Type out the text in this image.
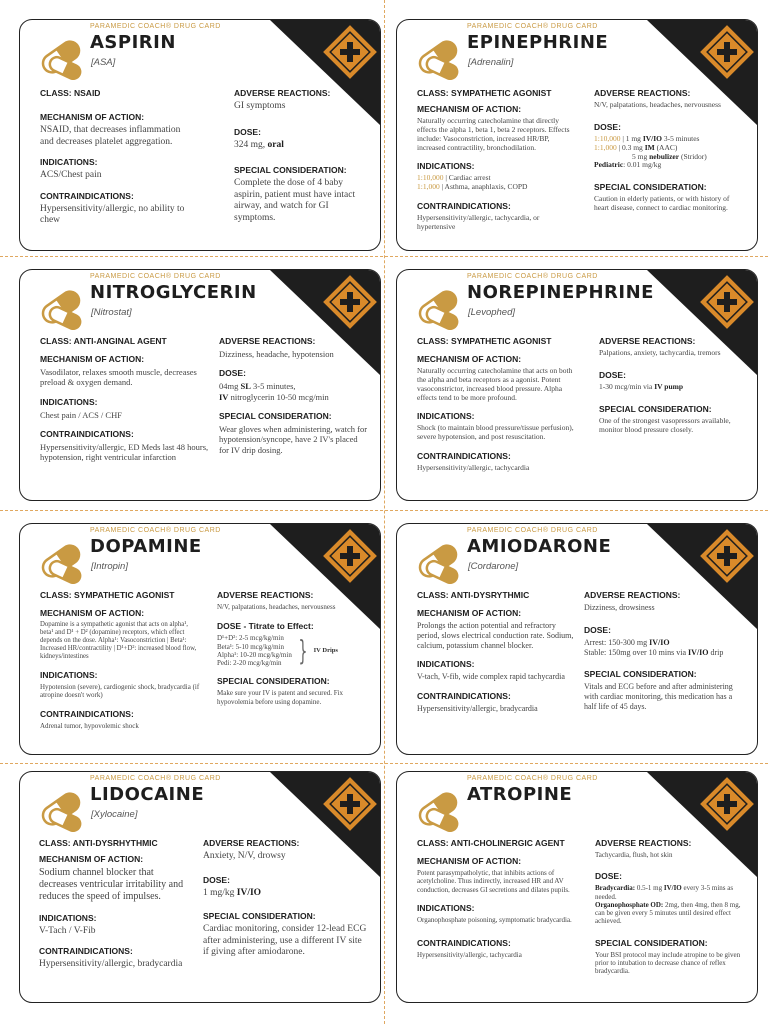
PARAMEDIC COACH® DRUG CARD
ASPIRIN
[ASA]
CLASS: NSAID
MECHANISM OF ACTION:
NSAID, that decreases inflammation and decreases platelet aggregation.
INDICATIONS:
ACS/Chest pain
CONTRAINDICATIONS:
Hypersensitivity/allergic, no ability to chew
ADVERSE REACTIONS:
GI symptoms
DOSE:
324 mg, oral
SPECIAL CONSIDERATION:
Complete the dose of 4 baby aspirin, patient must have intact airway, and watch for GI symptoms.
PARAMEDIC COACH® DRUG CARD
EPINEPHRINE
[Adrenalin]
CLASS: SYMPATHETIC AGONIST
MECHANISM OF ACTION:
Naturally occurring catecholamine that directly effects the alpha 1, beta 1, beta 2 receptors. Effects include: Vasoconstriction, increased HR/BP, increased contractility, bronchodilation.
INDICATIONS:
1:10,000 | Cardiac arrest
1:1,000 | Asthma, anaphlaxis, COPD
CONTRAINDICATIONS:
Hypersensitivity/allergic, tachycardia, or hypertensive
ADVERSE REACTIONS:
N/V, palpatations, headaches, nervousness
DOSE:
1:10,000 | 1 mg IV/IO 3-5 minutes
1:1,000 | 0.3 mg IM (AAC)
5 mg nebulizer (Stridor)
Pediatric: 0.01 mg/kg
SPECIAL CONSIDERATION:
Caution in elderly patients, or with history of heart disease, connect to cardiac monitoring.
PARAMEDIC COACH® DRUG CARD
NITROGLYCERIN
[Nitrostat]
CLASS: ANTI-ANGINAL AGENT
MECHANISM OF ACTION:
Vasodilator, relaxes smooth muscle, decreases preload & oxygen demand.
INDICATIONS:
Chest pain / ACS / CHF
CONTRAINDICATIONS:
Hypersensitivity/allergic, ED Meds last 48 hours, hypotension, right ventricular infarction
ADVERSE REACTIONS:
Dizziness, headache, hypotension
DOSE:
04mg SL 3-5 minutes,
IV nitroglycerin 10-50 mcg/min
SPECIAL CONSIDERATION:
Wear gloves when administering, watch for hypotension/syncope, have 2 IV's placed for IV drip dosing.
PARAMEDIC COACH® DRUG CARD
NOREPINEPHRINE
[Levophed]
CLASS: SYMPATHETIC AGONIST
MECHANISM OF ACTION:
Naturally occurring catecholamine that acts on both the alpha and beta receptors as a agonist. Potent vasoconstrictor, increased blood pressure. Alpha effects tend to be more profound.
INDICATIONS:
Shock (to maintain blood pressure/tissue perfusion), severe hypotension, and post resuscitation.
CONTRAINDICATIONS:
Hypersensitivity/allergic, tachycardia
ADVERSE REACTIONS:
Palpations, anxiety, tachycardia, tremors
DOSE:
1-30 mcg/min via IV pump
SPECIAL CONSIDERATION:
One of the strongest vasopressors available, monitor blood pressure closely.
PARAMEDIC COACH® DRUG CARD
DOPAMINE
[Intropin]
CLASS: SYMPATHETIC AGONIST
MECHANISM OF ACTION:
Dopamine is a sympathetic agonist that acts on alpha¹, beta¹ and D¹ + D² (dopamine) receptors, which effect depends on the dose. Alpha¹: Vasoconstriction | Beta¹: Increased HR/contractility | D¹+D²: increased blood flow, kidneys/intestines
INDICATIONS:
Hypotension (severe), cardiogenic shock, bradycardia (if atropine doesn't work)
CONTRAINDICATIONS:
Adrenal tumor, hypovolemic shock
ADVERSE REACTIONS:
N/V, palpatations, headaches, nervousness
DOSE - Titrate to Effect:
D¹+D²: 2-5 mcg/kg/min
Beta¹: 5-10 mcg/kg/min
Alpha¹: 10-20 mcg/kg/min
Pedi: 2-20 mcg/kg/min } IV Drips
SPECIAL CONSIDERATION:
Make sure your IV is patent and secured. Fix hypovolemia before using dopamine.
PARAMEDIC COACH® DRUG CARD
AMIODARONE
[Cordarone]
CLASS: ANTI-DYSRYTHMIC
MECHANISM OF ACTION:
Prolongs the action potential and refractory period, slows electrical conduction rate. Sodium, calcium, potassium channel blocker.
INDICATIONS:
V-tach, V-fib, wide complex rapid tachycardia
CONTRAINDICATIONS:
Hypersensitivity/allergic, bradycardia
ADVERSE REACTIONS:
Dizziness, drowsiness
DOSE:
Arrest: 150-300 mg IV/IO
Stable: 150mg over 10 mins via IV/IO drip
SPECIAL CONSIDERATION:
Vitals and ECG before and after administering with cardiac monitoring, this medication has a half life of 45 days.
PARAMEDIC COACH® DRUG CARD
LIDOCAINE
[Xylocaine]
CLASS: ANTI-DYSRHYTHMIC
MECHANISM OF ACTION:
Sodium channel blocker that decreases ventricular irritability and reduces the speed of impulses.
INDICATIONS:
V-Tach / V-Fib
CONTRAINDICATIONS:
Hypersensitivity/allergic, bradycardia
ADVERSE REACTIONS:
Anxiety, N/V, drowsy
DOSE:
1 mg/kg IV/IO
SPECIAL CONSIDERATION:
Cardiac monitoring, consider 12-lead ECG after administering, use a different IV site if giving after amiodarone.
PARAMEDIC COACH® DRUG CARD
ATROPINE
CLASS: ANTI-CHOLINERGIC AGENT
MECHANISM OF ACTION:
Potent parasympatholytic, that inhibits actions of acetylcholine. Thus indirectly, increased HR and AV conduction, decreases GI secretions and dilates pupils.
INDICATIONS:
Organophosphate poisoning, symptomatic bradycardia.
CONTRAINDICATIONS:
Hypersensitivity/allergic, tachycardia
ADVERSE REACTIONS:
Tachycardia, flush, hot skin
DOSE:
Bradycardia: 0.5-1 mg IV/IO every 3-5 mins as needed.
Organophosphate OD: 2mg, then 4mg, then 8 mg, can be given every 5 minutes until desired effect achieved.
SPECIAL CONSIDERATION:
Your BSI protocol may include atropine to be given prior to intubation to decrease chance of reflex bradycardia.
